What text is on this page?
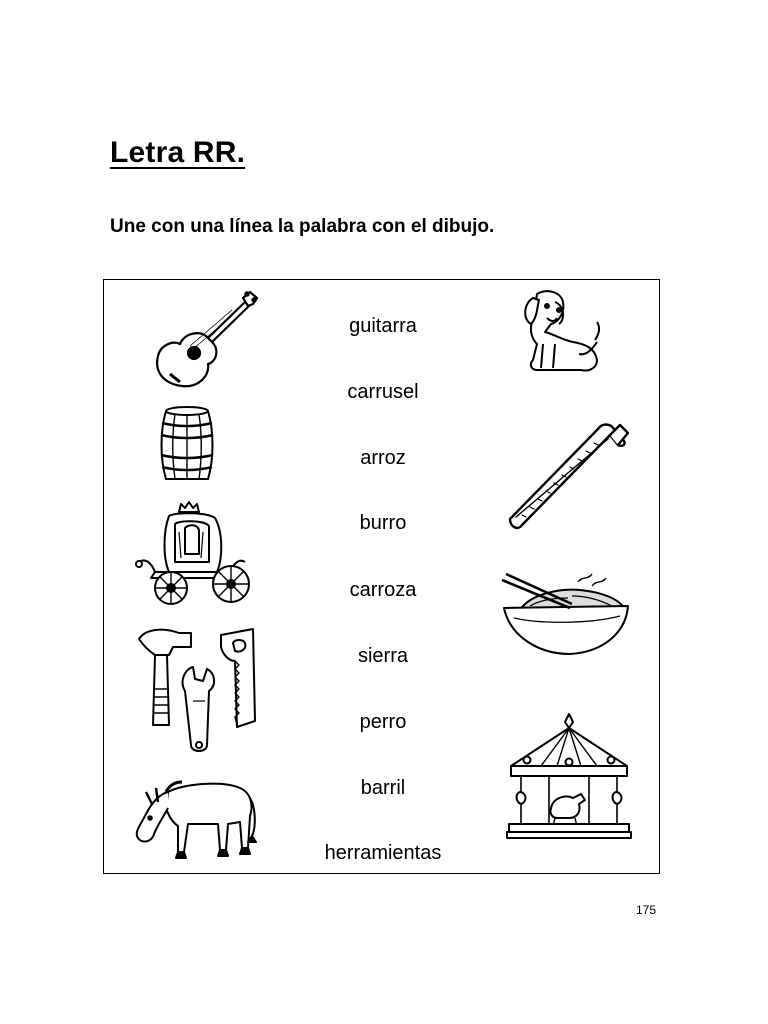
Letra RR.
Une con una línea la palabra con el dibujo.
guitarra
carrusel
arroz
burro
carroza
sierra
perro
barril
herramientas
175
